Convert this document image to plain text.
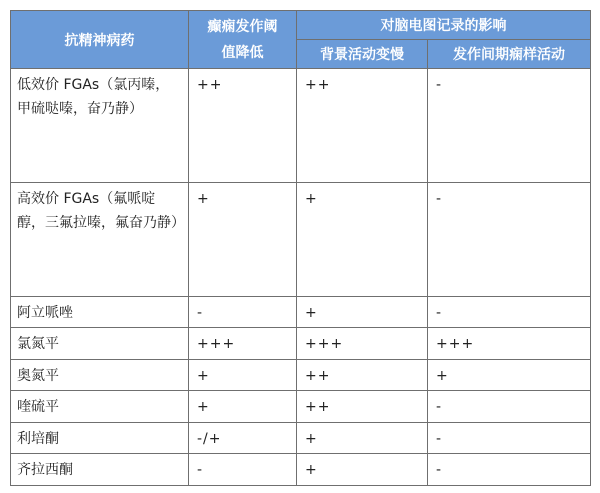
抗精神病药	癫痫发作阈值降低	对脑电图记录的影响	
		背景活动变慢	发作间期痫样活动
低效价 FGAs（氯丙嗪，甲硫哒嗪，奋乃静）	++	++	-
高效价 FGAs（氟哌啶醇，三氟拉嗪，氟奋乃静）	+	+	-
阿立哌唑	-	+	-
氯氮平	+++	+++	+++
奥氮平	+	++	+
喹硫平	+	++	-
利培酮	-/+	+	-
齐拉西酮	-	+	-
